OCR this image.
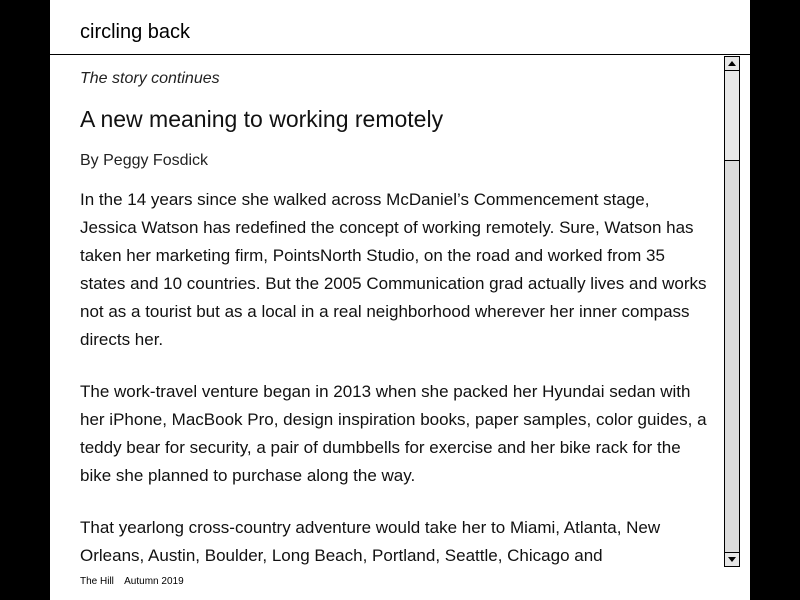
circling back
The story continues
A new meaning to working remotely
By Peggy Fosdick

In the 14 years since she walked across McDaniel’s Commencement stage, Jessica Watson has redefined the concept of working remotely. Sure, Watson has taken her marketing firm, PointsNorth Studio, on the road and worked from 35 states and 10 countries. But the 2005 Communication grad actually lives and works not as a tourist but as a local in a real neighborhood wherever her inner compass directs her.

The work-travel venture began in 2013 when she packed her Hyundai sedan with her iPhone, MacBook Pro, design inspiration books, paper samples, color guides, a teddy bear for security, a pair of dumbbells for exercise and her bike rack for the bike she planned to purchase along the way.

That yearlong cross-country adventure would take her to Miami, Atlanta, New Orleans, Austin, Boulder, Long Beach, Portland, Seattle, Chicago and

The Hill Autumn 2019
